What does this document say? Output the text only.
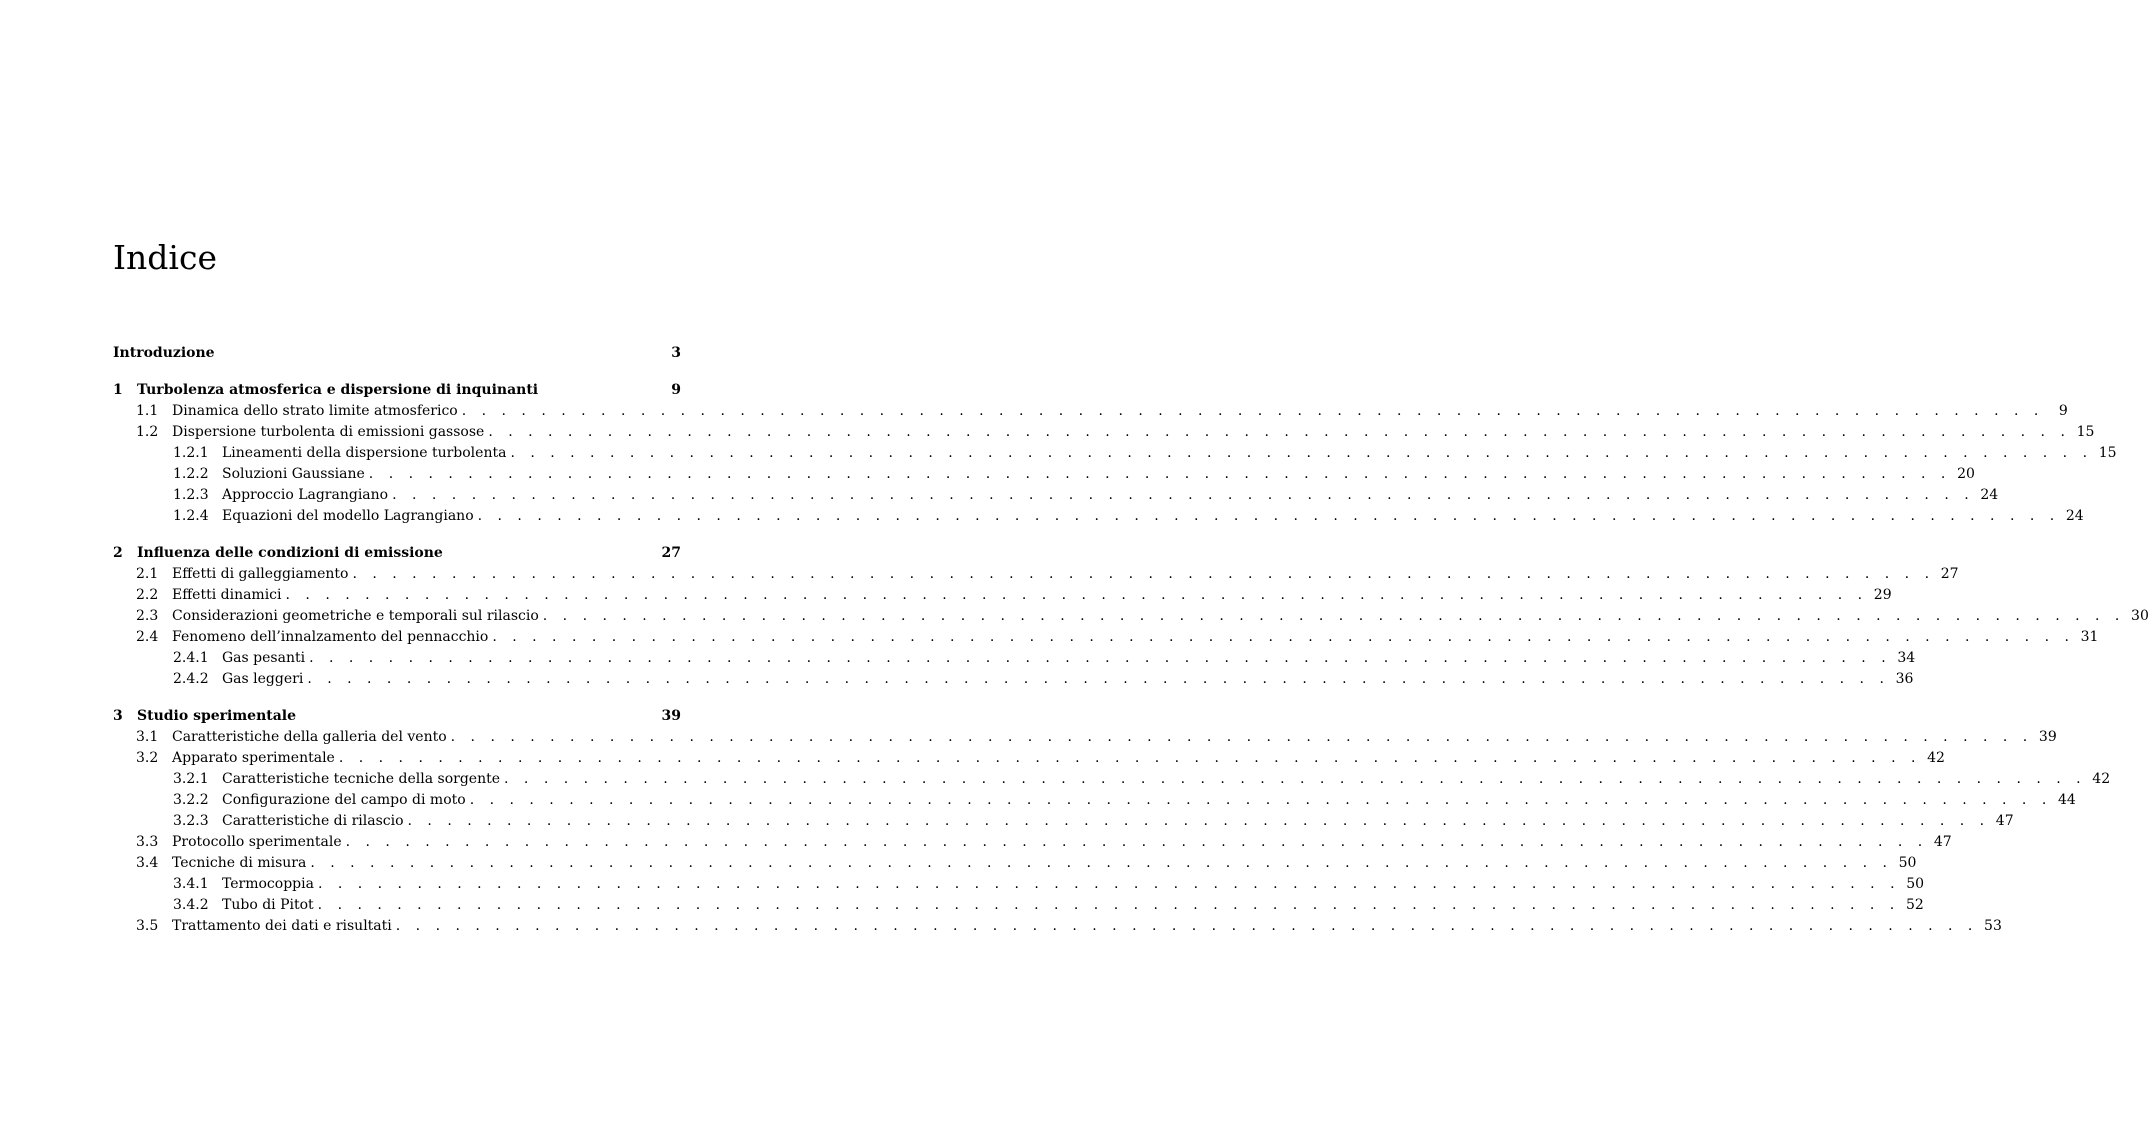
Indice
Introduzione	3
1	Turbolenza atmosferica e dispersione di inquinanti	9
1.1 Dinamica dello strato limite atmosferico . . . . . . . . . . . . . . . . . . . . . . . . . . . . . . . . . . . . . . . . . . . . . . . . . . . . . . . . . . . . . . . . . . . . . . . . . . . . . . . .	9
1.2 Dispersione turbolenta di emissioni gassose . . . . . . . . . . . . . . . . . . . . . . . . . . . . . . . . . . . . . . . . . . . . . . . . . . . . . . . . . . . . . . . . . . . . . . . . . . . . . . . . 15
1.2.1 Lineamenti della dispersione turbolenta . . . . . . . . . . . . . . . . . . . . . . . . . . . . . . . . . . . . . . . . . . . . . . . . . . . . . . . . . . . . . . . . . . . . . . . . . . . . . . . . 15
1.2.2 Soluzioni Gaussiane . . . . . . . . . . . . . . . . . . . . . . . . . . . . . . . . . . . . . . . . . . . . . . . . . . . . . . . . . . . . . . . . . . . . . . . . . . . . . . . . 20
1.2.3 Approccio Lagrangiano . . . . . . . . . . . . . . . . . . . . . . . . . . . . . . . . . . . . . . . . . . . . . . . . . . . . . . . . . . . . . . . . . . . . . . . . . . . . . . . . 24
1.2.4 Equazioni del modello Lagrangiano . . . . . . . . . . . . . . . . . . . . . . . . . . . . . . . . . . . . . . . . . . . . . . . . . . . . . . . . . . . . . . . . . . . . . . . . . . . . . . . . 24
2	Influenza delle condizioni di emissione	27
2.1 Effetti di galleggiamento . . . . . . . . . . . . . . . . . . . . . . . . . . . . . . . . . . . . . . . . . . . . . . . . . . . . . . . . . . . . . . . . . . . . . . . . . . . . . . . . 27
2.2 Effetti dinamici . . . . . . . . . . . . . . . . . . . . . . . . . . . . . . . . . . . . . . . . . . . . . . . . . . . . . . . . . . . . . . . . . . . . . . . . . . . . . . . . 29
2.3 Considerazioni geometriche e temporali sul rilascio . . . . . . . . . . . . . . . . . . . . . . . . . . . . . . . . . . . . . . . . . . . . . . . . . . . . . . . . . . . . . . . . . . . . . . . . . . . . . . . . 30
2.4 Fenomeno dell’innalzamento del pennacchio . . . . . . . . . . . . . . . . . . . . . . . . . . . . . . . . . . . . . . . . . . . . . . . . . . . . . . . . . . . . . . . . . . . . . . . . . . . . . . . . 31
2.4.1 Gas pesanti . . . . . . . . . . . . . . . . . . . . . . . . . . . . . . . . . . . . . . . . . . . . . . . . . . . . . . . . . . . . . . . . . . . . . . . . . . . . . . . . 34
2.4.2 Gas leggeri . . . . . . . . . . . . . . . . . . . . . . . . . . . . . . . . . . . . . . . . . . . . . . . . . . . . . . . . . . . . . . . . . . . . . . . . . . . . . . . . 36
3	Studio sperimentale	39
3.1 Caratteristiche della galleria del vento . . . . . . . . . . . . . . . . . . . . . . . . . . . . . . . . . . . . . . . . . . . . . . . . . . . . . . . . . . . . . . . . . . . . . . . . . . . . . . . . 39
3.2 Apparato sperimentale . . . . . . . . . . . . . . . . . . . . . . . . . . . . . . . . . . . . . . . . . . . . . . . . . . . . . . . . . . . . . . . . . . . . . . . . . . . . . . . . 42
3.2.1 Caratteristiche tecniche della sorgente . . . . . . . . . . . . . . . . . . . . . . . . . . . . . . . . . . . . . . . . . . . . . . . . . . . . . . . . . . . . . . . . . . . . . . . . . . . . . . . . 42
3.2.2 Configurazione del campo di moto . . . . . . . . . . . . . . . . . . . . . . . . . . . . . . . . . . . . . . . . . . . . . . . . . . . . . . . . . . . . . . . . . . . . . . . . . . . . . . . . 44
3.2.3 Caratteristiche di rilascio . . . . . . . . . . . . . . . . . . . . . . . . . . . . . . . . . . . . . . . . . . . . . . . . . . . . . . . . . . . . . . . . . . . . . . . . . . . . . . . . 47
3.3 Protocollo sperimentale . . . . . . . . . . . . . . . . . . . . . . . . . . . . . . . . . . . . . . . . . . . . . . . . . . . . . . . . . . . . . . . . . . . . . . . . . . . . . . . . 47
3.4 Tecniche di misura . . . . . . . . . . . . . . . . . . . . . . . . . . . . . . . . . . . . . . . . . . . . . . . . . . . . . . . . . . . . . . . . . . . . . . . . . . . . . . . . 50
3.4.1 Termocoppia . . . . . . . . . . . . . . . . . . . . . . . . . . . . . . . . . . . . . . . . . . . . . . . . . . . . . . . . . . . . . . . . . . . . . . . . . . . . . . . . 50
3.4.2 Tubo di Pitot . . . . . . . . . . . . . . . . . . . . . . . . . . . . . . . . . . . . . . . . . . . . . . . . . . . . . . . . . . . . . . . . . . . . . . . . . . . . . . . . 52
3.5 Trattamento dei dati e risultati . . . . . . . . . . . . . . . . . . . . . . . . . . . . . . . . . . . . . . . . . . . . . . . . . . . . . . . . . . . . . . . . . . . . . . . . . . . . . . . . 53
